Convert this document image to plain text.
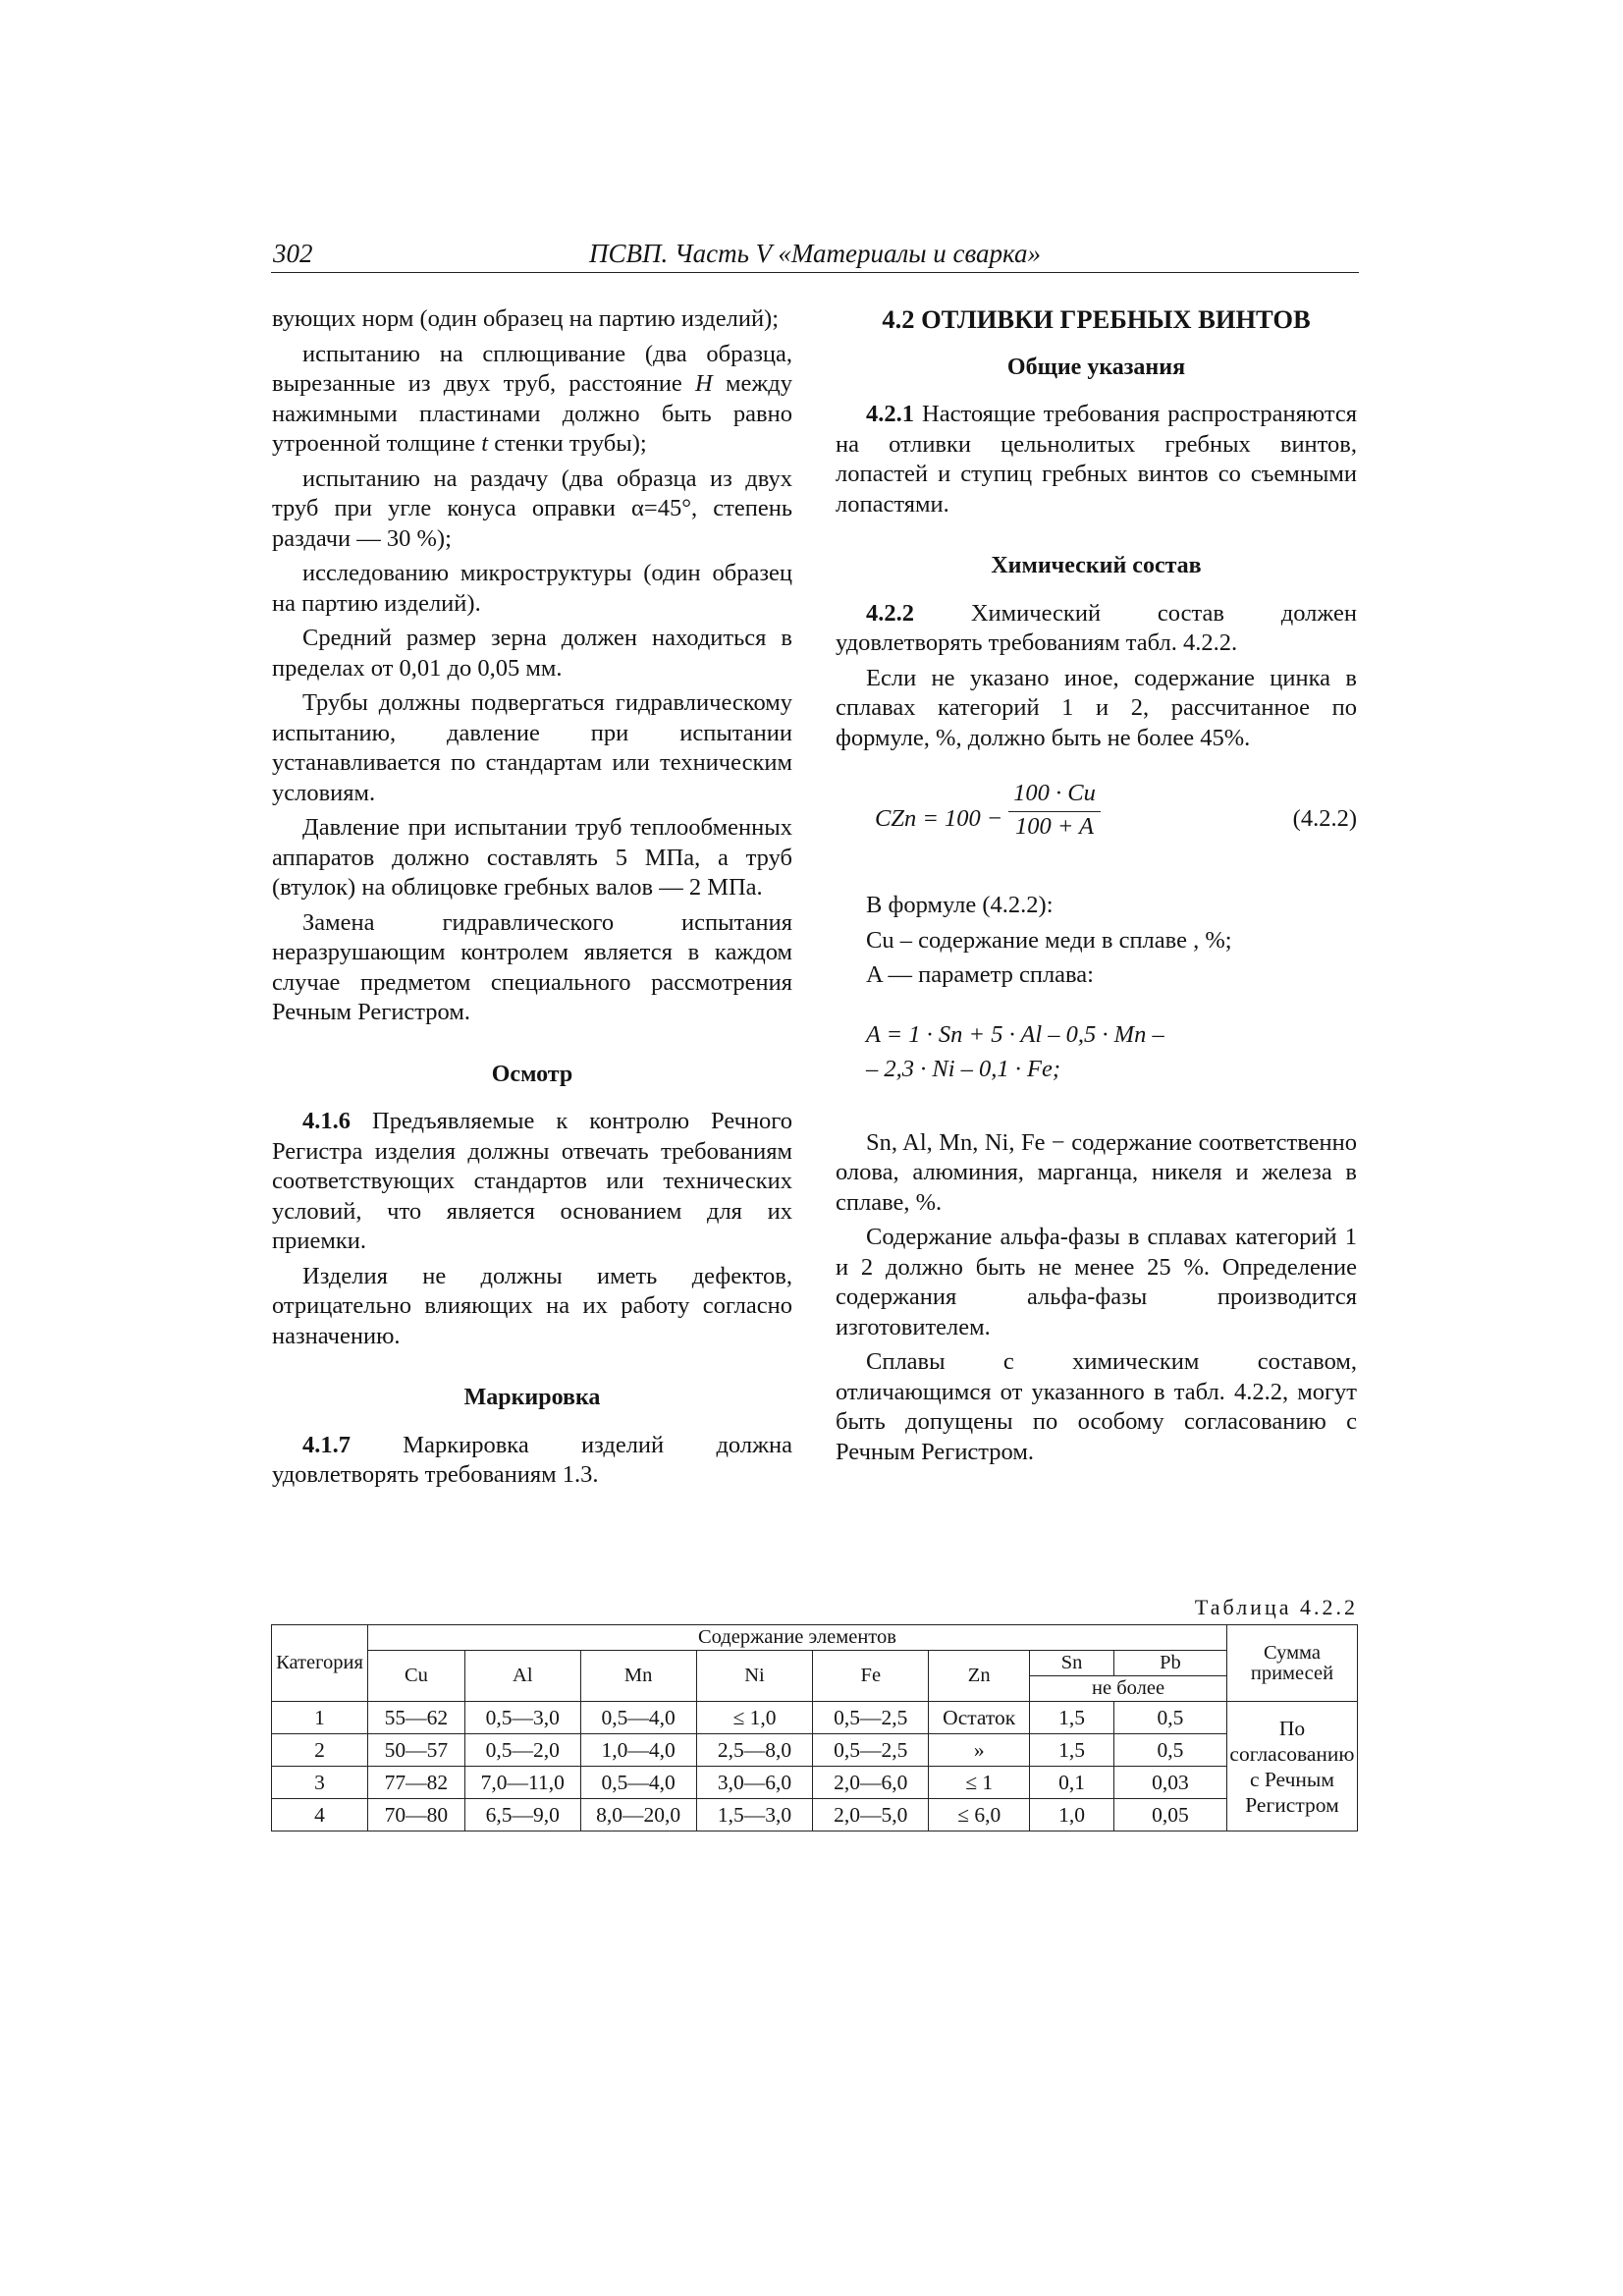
302	ПСВП. Часть V «Материалы и сварка»

вующих норм (один образец на партию изделий);

испытанию на сплющивание (два образца, вырезанные из двух труб, расстояние H между нажимными пластинами должно быть равно утроенной толщине t стенки трубы);

испытанию на раздачу (два образца из двух труб при угле конуса оправки α=45°, степень раздачи — 30 %);

исследованию микроструктуры (один образец на партию изделий).

Средний размер зерна должен находиться в пределах от 0,01 до 0,05 мм.

Трубы должны подвергаться гидравлическому испытанию, давление при испытании устанавливается по стандартам или техническим условиям.

Давление при испытании труб теплообменных аппаратов должно составлять 5 МПа, а труб (втулок) на облицовке гребных валов — 2 МПа.

Замена гидравлического испытания неразрушающим контролем является в каждом случае предметом специального рассмотрения Речным Регистром.

Осмотр

4.1.6 Предъявляемые к контролю Речного Регистра изделия должны отвечать требованиям соответствующих стандартов или технических условий, что является основанием для их приемки.

Изделия не должны иметь дефектов, отрицательно влияющих на их работу согласно назначению.

Маркировка

4.1.7 Маркировка изделий должна удовлетворять требованиям 1.3.

4.2 ОТЛИВКИ ГРЕБНЫХ ВИНТОВ

Общие указания

4.2.1 Настоящие требования распространяются на отливки цельнолитых гребных винтов, лопастей и ступиц гребных винтов со съемными лопастями.

Химический состав

4.2.2 Химический состав должен удовлетворять требованиям табл. 4.2.2.

Если не указано иное, содержание цинка в сплавах категорий 1 и 2, рассчитанное по формуле, %, должно быть не более 45%.

CZn = $100 - \frac{100 \cdot Cu}{100 + A}$	(4.2.2)

В формуле (4.2.2):

Cu – содержание меди в сплаве , %;

A — параметр сплава:

A = 1 · Sn + 5 · Al – 0,5 · Mn –

– 2,3 · Ni – 0,1 · Fe;

Sn, Al, Mn, Ni, Fe − содержание соответственно олова, алюминия, марганца, никеля и железа в сплаве, %.

Содержание альфа-фазы в сплавах категорий 1 и 2 должно быть не менее 25 %. Определение содержания альфа-фазы производится изготовителем.

Сплавы с химическим составом, отличающимся от указанного в табл. 4.2.2, могут быть допущены по особому согласованию с Речным Регистром.

Таблица 4.2.2
Категория	Содержание элементов								Сумма примесей
	Cu	Al	Mn	Ni	Fe	Zn	Sn	Pb	
							не более		
1	55—62	0,5—3,0	0,5—4,0	≤ 1,0	0,5—2,5	Остаток	1,5	0,5	По согласованию с Речным Регистром
2	50—57	0,5—2,0	1,0—4,0	2,5—8,0	0,5—2,5	»	1,5	0,5	
3	77—82	7,0—11,0	0,5—4,0	3,0—6,0	2,0—6,0	≤ 1	0,1	0,03	
4	70—80	6,5—9,0	8,0—20,0	1,5—3,0	2,0—5,0	≤ 6,0	1,0	0,05	
